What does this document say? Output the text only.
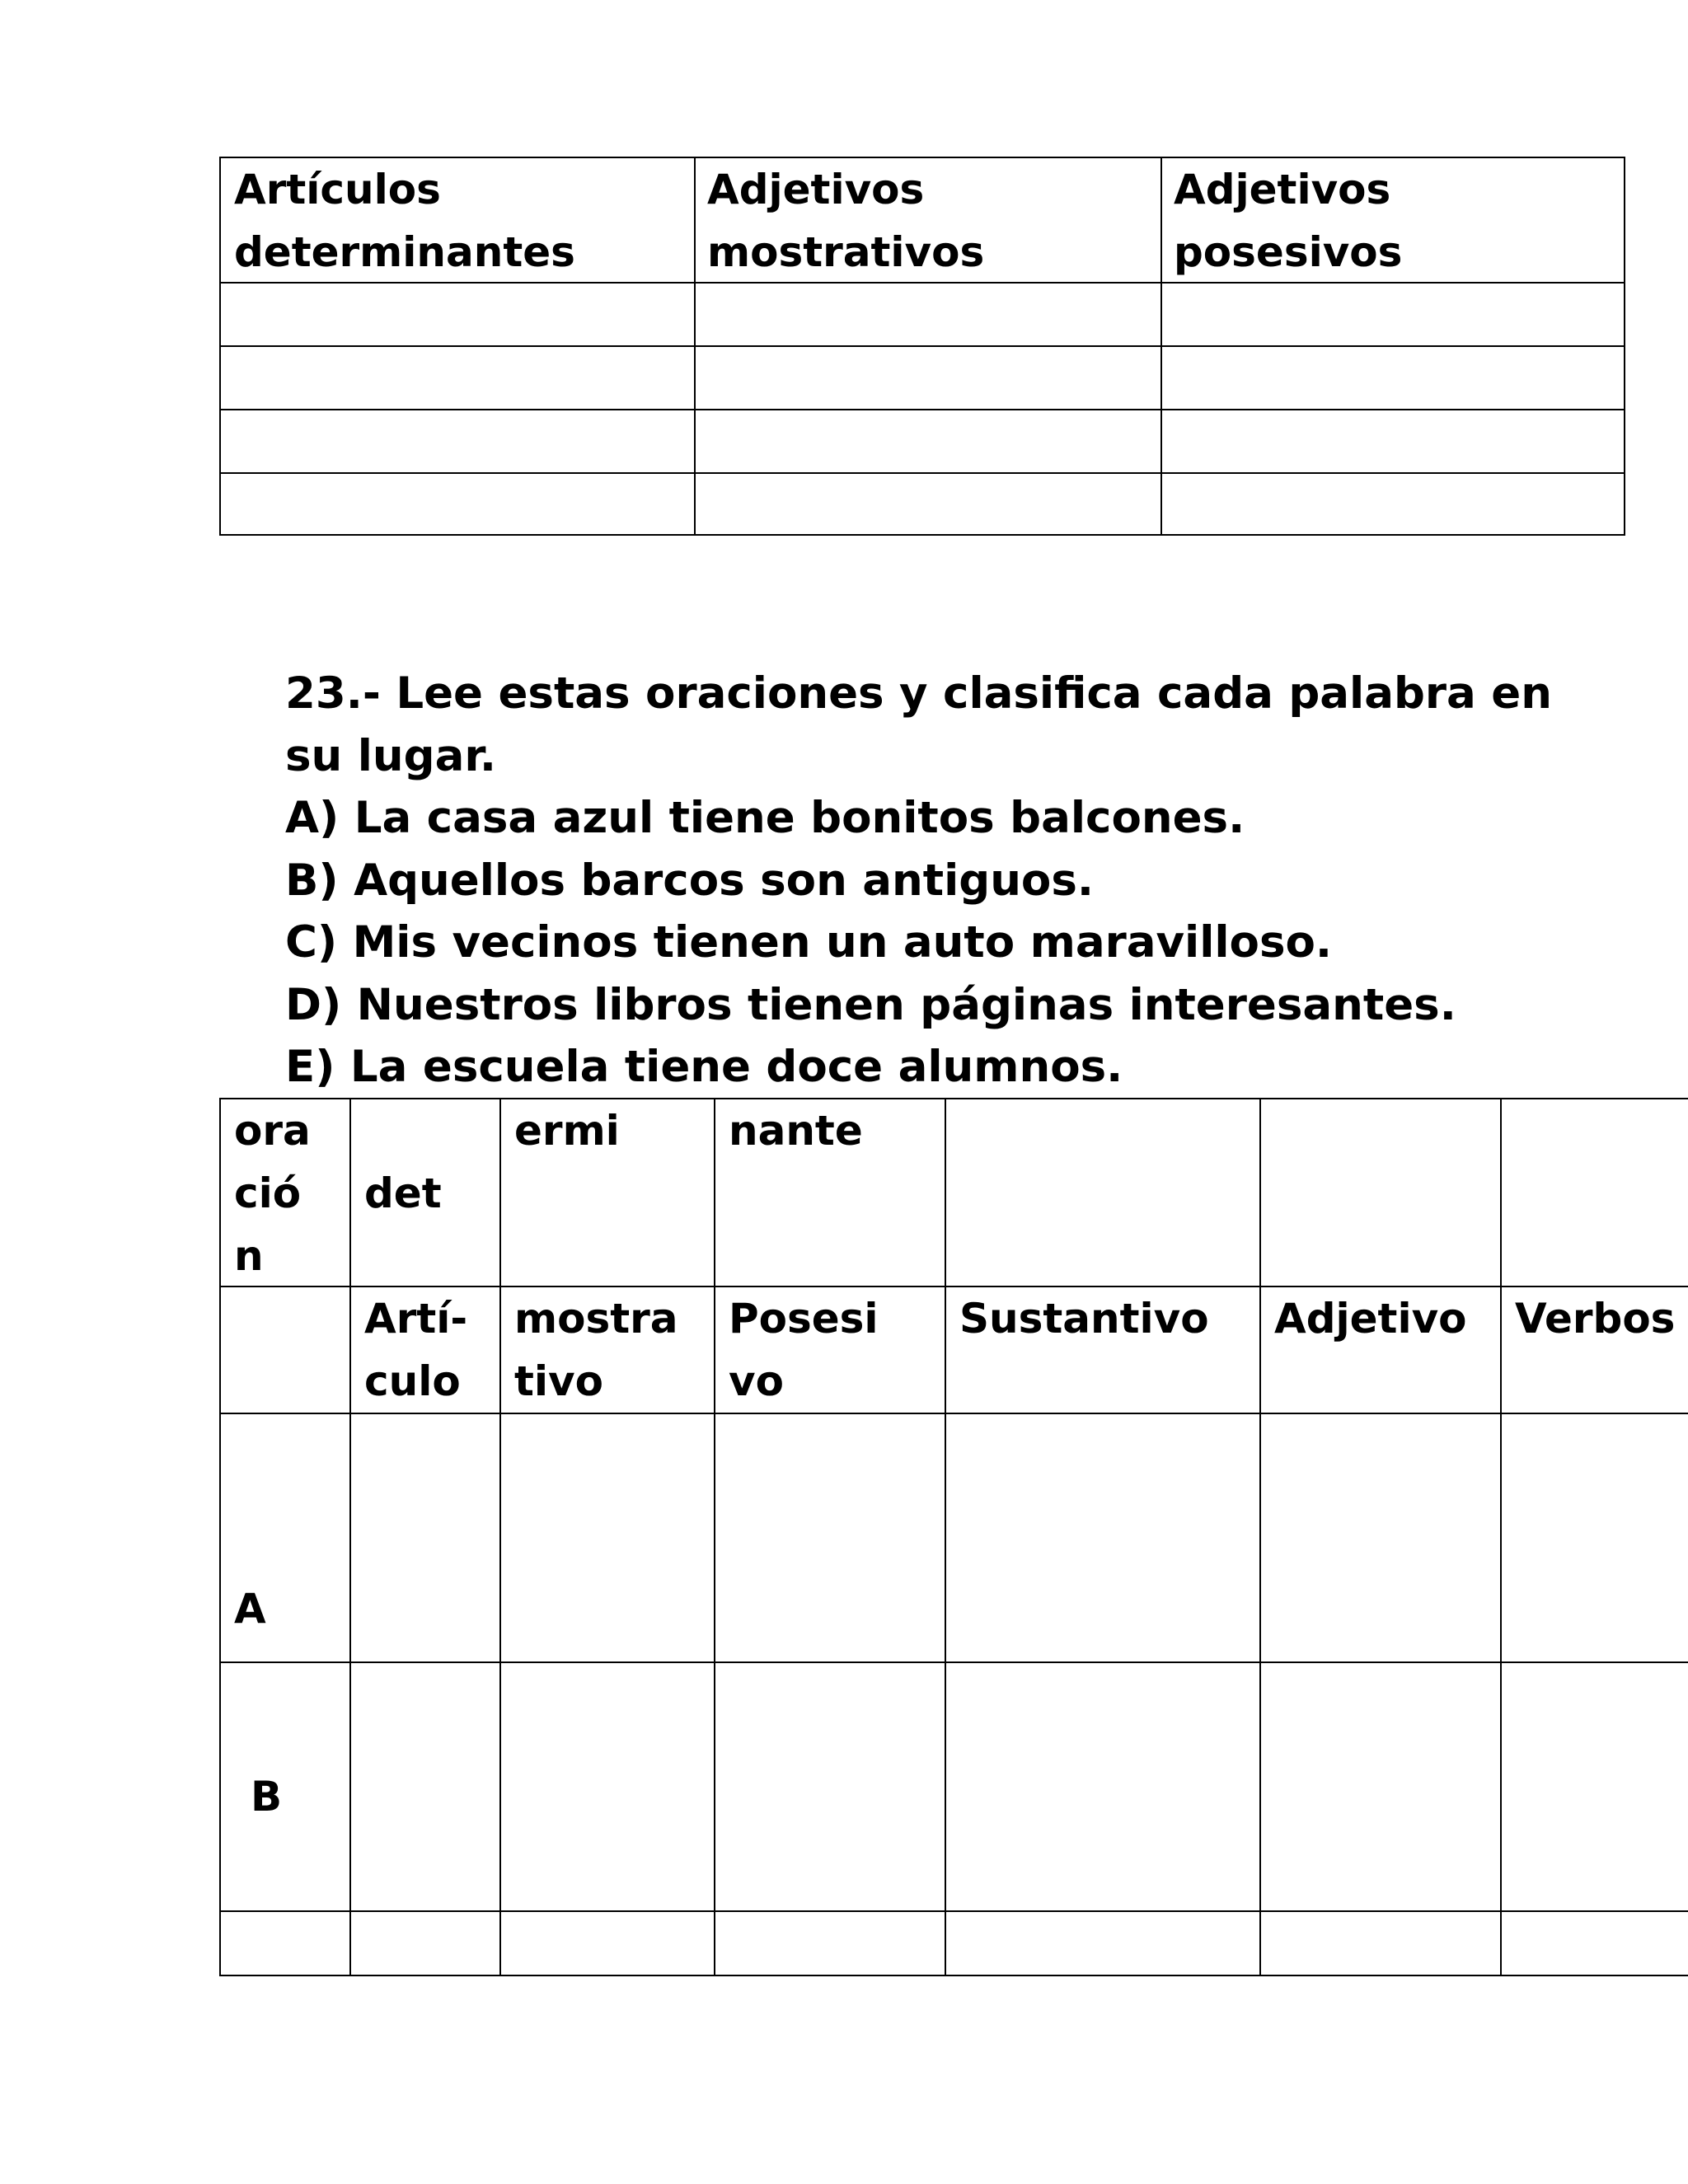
Artículos
determinantes
Adjetivos
mostrativos
Adjetivos
posesivos
23.- Lee estas oraciones y clasifica cada palabra en
su lugar.
A) La casa azul tiene bonitos balcones.
B) Aquellos barcos son antiguos.
C) Mis vecinos tienen un auto maravilloso.
D) Nuestros libros tienen páginas interesantes.
E) La escuela tiene doce alumnos.
ora
ció
n
det
ermi	nante
Artí-
culo
mostra
tivo
Posesi
vo
Sustantivo Adjetivo Verbos
A
B
